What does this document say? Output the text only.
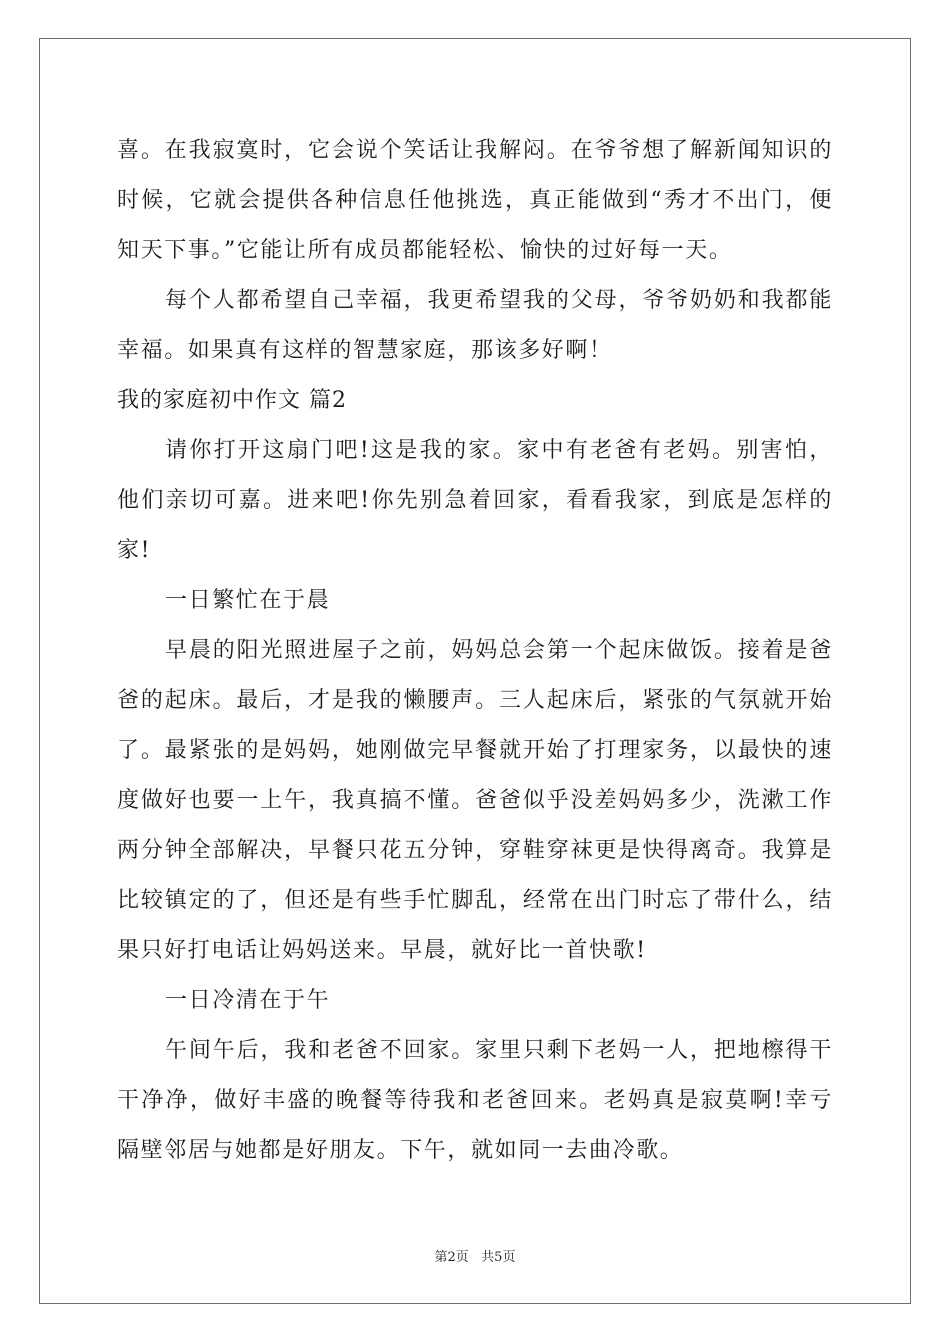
喜。在我寂寞时，它会说个笑话让我解闷。在爷爷想了解新闻知识的时候，它就会提供各种信息任他挑选，真正能做到“秀才不出门，便知天下事。”它能让所有成员都能轻松、愉快的过好每一天。

每个人都希望自己幸福，我更希望我的父母，爷爷奶奶和我都能幸福。如果真有这样的智慧家庭，那该多好啊！

我的家庭初中作文 篇2

请你打开这扇门吧!这是我的家。家中有老爸有老妈。别害怕，他们亲切可嘉。进来吧!你先别急着回家，看看我家，到底是怎样的家!

一日繁忙在于晨

早晨的阳光照进屋子之前，妈妈总会第一个起床做饭。接着是爸爸的起床。最后，才是我的懒腰声。三人起床后，紧张的气氛就开始了。最紧张的是妈妈，她刚做完早餐就开始了打理家务，以最快的速度做好也要一上午，我真搞不懂。爸爸似乎没差妈妈多少，洗漱工作两分钟全部解决，早餐只花五分钟，穿鞋穿袜更是快得离奇。我算是比较镇定的了，但还是有些手忙脚乱，经常在出门时忘了带什么，结果只好打电话让妈妈送来。早晨，就好比一首快歌!

一日冷清在于午

午间午后，我和老爸不回家。家里只剩下老妈一人，把地檫得干干净净，做好丰盛的晚餐等待我和老爸回来。老妈真是寂莫啊!幸亏隔壁邻居与她都是好朋友。下午，就如同一去曲冷歌。

第2页   共5页
